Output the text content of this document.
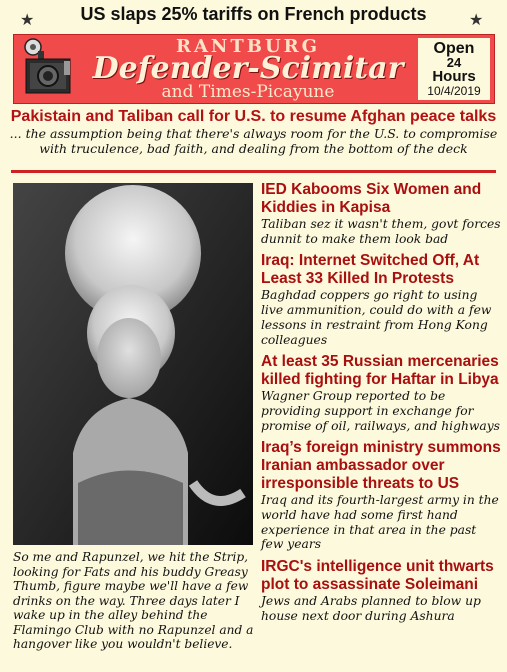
★	US slaps 25% tariffs on French products	★
RANTBURG
Defender-Scimitar
and Times-Picayune
Open
24
Hours
10/4/2019
Pakistain and Taliban call for U.S. to resume Afghan peace talks

... the assumption being that there's always room for the U.S. to compromise with truculence, bad faith, and dealing from the bottom of the deck

So me and Rapunzel, we hit the Strip, looking for Fats and his buddy Greasy Thumb, figure maybe we'll have a few drinks on the way. Three days later I wake up in the alley behind the Flamingo Club with no Rapunzel and a hangover like you wouldn't believe.
IED Kabooms Six Women and Kiddies in Kapisa

Taliban sez it wasn't them, govt forces dunnit to make them look bad

Iraq: Internet Switched Off, At Least 33 Killed In Protests

Baghdad coppers go right to using live ammunition, could do with a few lessons in restraint from Hong Kong colleagues

At least 35 Russian mercenaries killed fighting for Haftar in Libya

Wagner Group reported to be providing support in exchange for promise of oil, railways, and highways

Iraq’s foreign ministry summons Iranian ambassador over irresponsible threats to US

Iraq and its fourth-largest army in the world have had some first hand experience in that area in the past few years

IRGC's intelligence unit thwarts plot to assassinate Soleimani

Jews and Arabs planned to blow up house next door during Ashura
